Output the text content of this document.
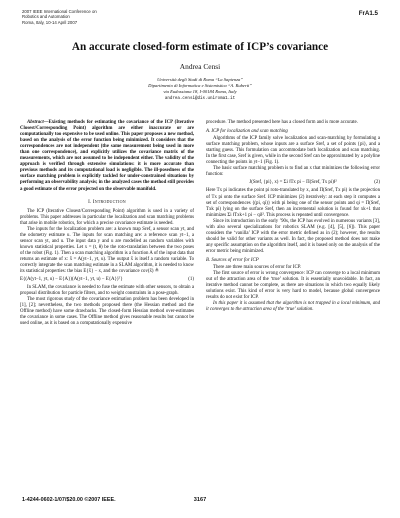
2007 IEEE International Conference on
Robotics and Automation
Roma, Italy, 10-14 April 2007
FrA1.5
An accurate closed-form estimate of ICP’s covariance
Andrea Censi
Università degli Studi di Roma “La Sapienza”
Dipartimento di Informatica e Sistemistica “A. Ruberti”
via Eudossiana 18, I-00184 Roma, Italy
andrea.censi@dis.uniroma1.it

Abstract—Existing methods for estimating the covariance of the ICP (Iterative Closest/Corresponding Point) algorithm are either inaccurate or are computationally too expensive to be used online. This paper proposes a new method, based on the analysis of the error function being minimized. It considers that the correspondences are not independent (the same measurement being used in more than one correspondence), and explicitly utilizes the covariance matrix of the measurements, which are not assumed to be independent either. The validity of the approach is verified through extensive simulations: it is more accurate than previous methods and its computational load is negligible. The ill-posedness of the surface matching problem is explicitly tackled for under-constrained situations by performing an observability analysis; in the analyzed cases the method still provides a good estimate of the error projected on the observable manifold.

I. Introduction

The ICP (Iterative Closest/Corresponding Point) algorithm is used in a variety of problems. This paper addresses in particular the localization and scan matching problems that arise in mobile robotics, for which a precise covariance estimate is needed.

The inputs for the localization problem are: a known map Sref, a sensor scan yt, and the odometry estimate u. The inputs for scan matching are: a reference scan yt−1, a sensor scan yt, and u. The input data y and u are modelled as random variables with known statistical properties. Let x = (t, θ) be the roto-translation between the two poses of the robot (Fig. 1). Then a scan matching algorithm is a function A of the input data that returns an estimate of x: x̂ = A(yt−1, yt, u). The output x̂ is itself a random variable. To correctly integrate the scan matching estimate in a SLAM algorithm, it is needed to know its statistical properties: the bias E{x̂} − x, and the covariance cov(x̂) ≜

E{(A(yt−1, yt, u) − E{A})(A(yt−1, yt, u) − E{A})ᵀ}	(1)

In SLAM, the covariance is needed to fuse the estimate with other sensors, to obtain a proposal distribution for particle filters, and to weight constraints in a pose-graph.

The most rigorous study of the covariance estimation problem has been developed in [1], [2]; nevertheless, the two methods proposed there (the Hessian method and the Offline method) have some drawbacks. The closed-form Hessian method over-estimates the covariance in some cases. The Offline method gives reasonable results but cannot be used online, as it is based on a computationally expensive

procedure. The method presented here has a closed form and is more accurate.

A. ICP for localization and scan matching

Algorithms of the ICP family solve localization and scan-matching by formulating a surface matching problem, whose inputs are a surface Sref, a set of points {pi}, and a starting guess. This formulation can accommodate both localization and scan matching. In the first case, Sref is given, while in the second Sref can be approximated by a polyline connecting the points in yt−1 (Fig. 1).

The basic surface matching problem is to find an x that minimizes the following error function:

J(Sref, {pi}, x) = Σi ‖Tx pi − Π(Sref, Tx pi)‖²	(2)

Here Tx pi indicates the point pi roto-translated by x, and Π(Sref, Tx pi) is the projection of Tx pi onto the surface Sref. ICP minimizes (2) iteratively: at each step it computes a set of correspondences {(pi, qi)} with pi being one of the sensor points and qi = Π(Sref, Txk pi) lying on the surface Sref, then an incremental solution is found for xk+1 that minimizes Σi ‖Txk+1 pi − qi‖². This process is repeated until convergence.

Since its introduction in the early ’90s, the ICP has evolved in numerous variants [3], with also several specializations for robotics SLAM (e.g. [4], [5], [6]). This paper considers the ‘vanilla’ ICP with the error metric defined as in (2); however, the results should be valid for other variants as well. In fact, the proposed method does not make any specific assumption on the algorithm itself, and it is based only on the analysis of the error metric being minimized.

B. Sources of error for ICP

There are three main sources of error for ICP.

The first source of error is wrong convergence: ICP can converge to a local minimum out of the attraction area of the ‘true’ solution. It is essentially unavoidable. In fact, an iterative method cannot be complete, as there are situations in which two equally likely solutions exist. This kind of error is very hard to model, because global convergence results do not exist for ICP.

In this paper it is assumed that the algorithm is not trapped in a local minimum, and it converges to the attraction area of the ‘true’ solution.

1-4244-0602-1/07/$20.00 ©2007 IEEE.	3167
